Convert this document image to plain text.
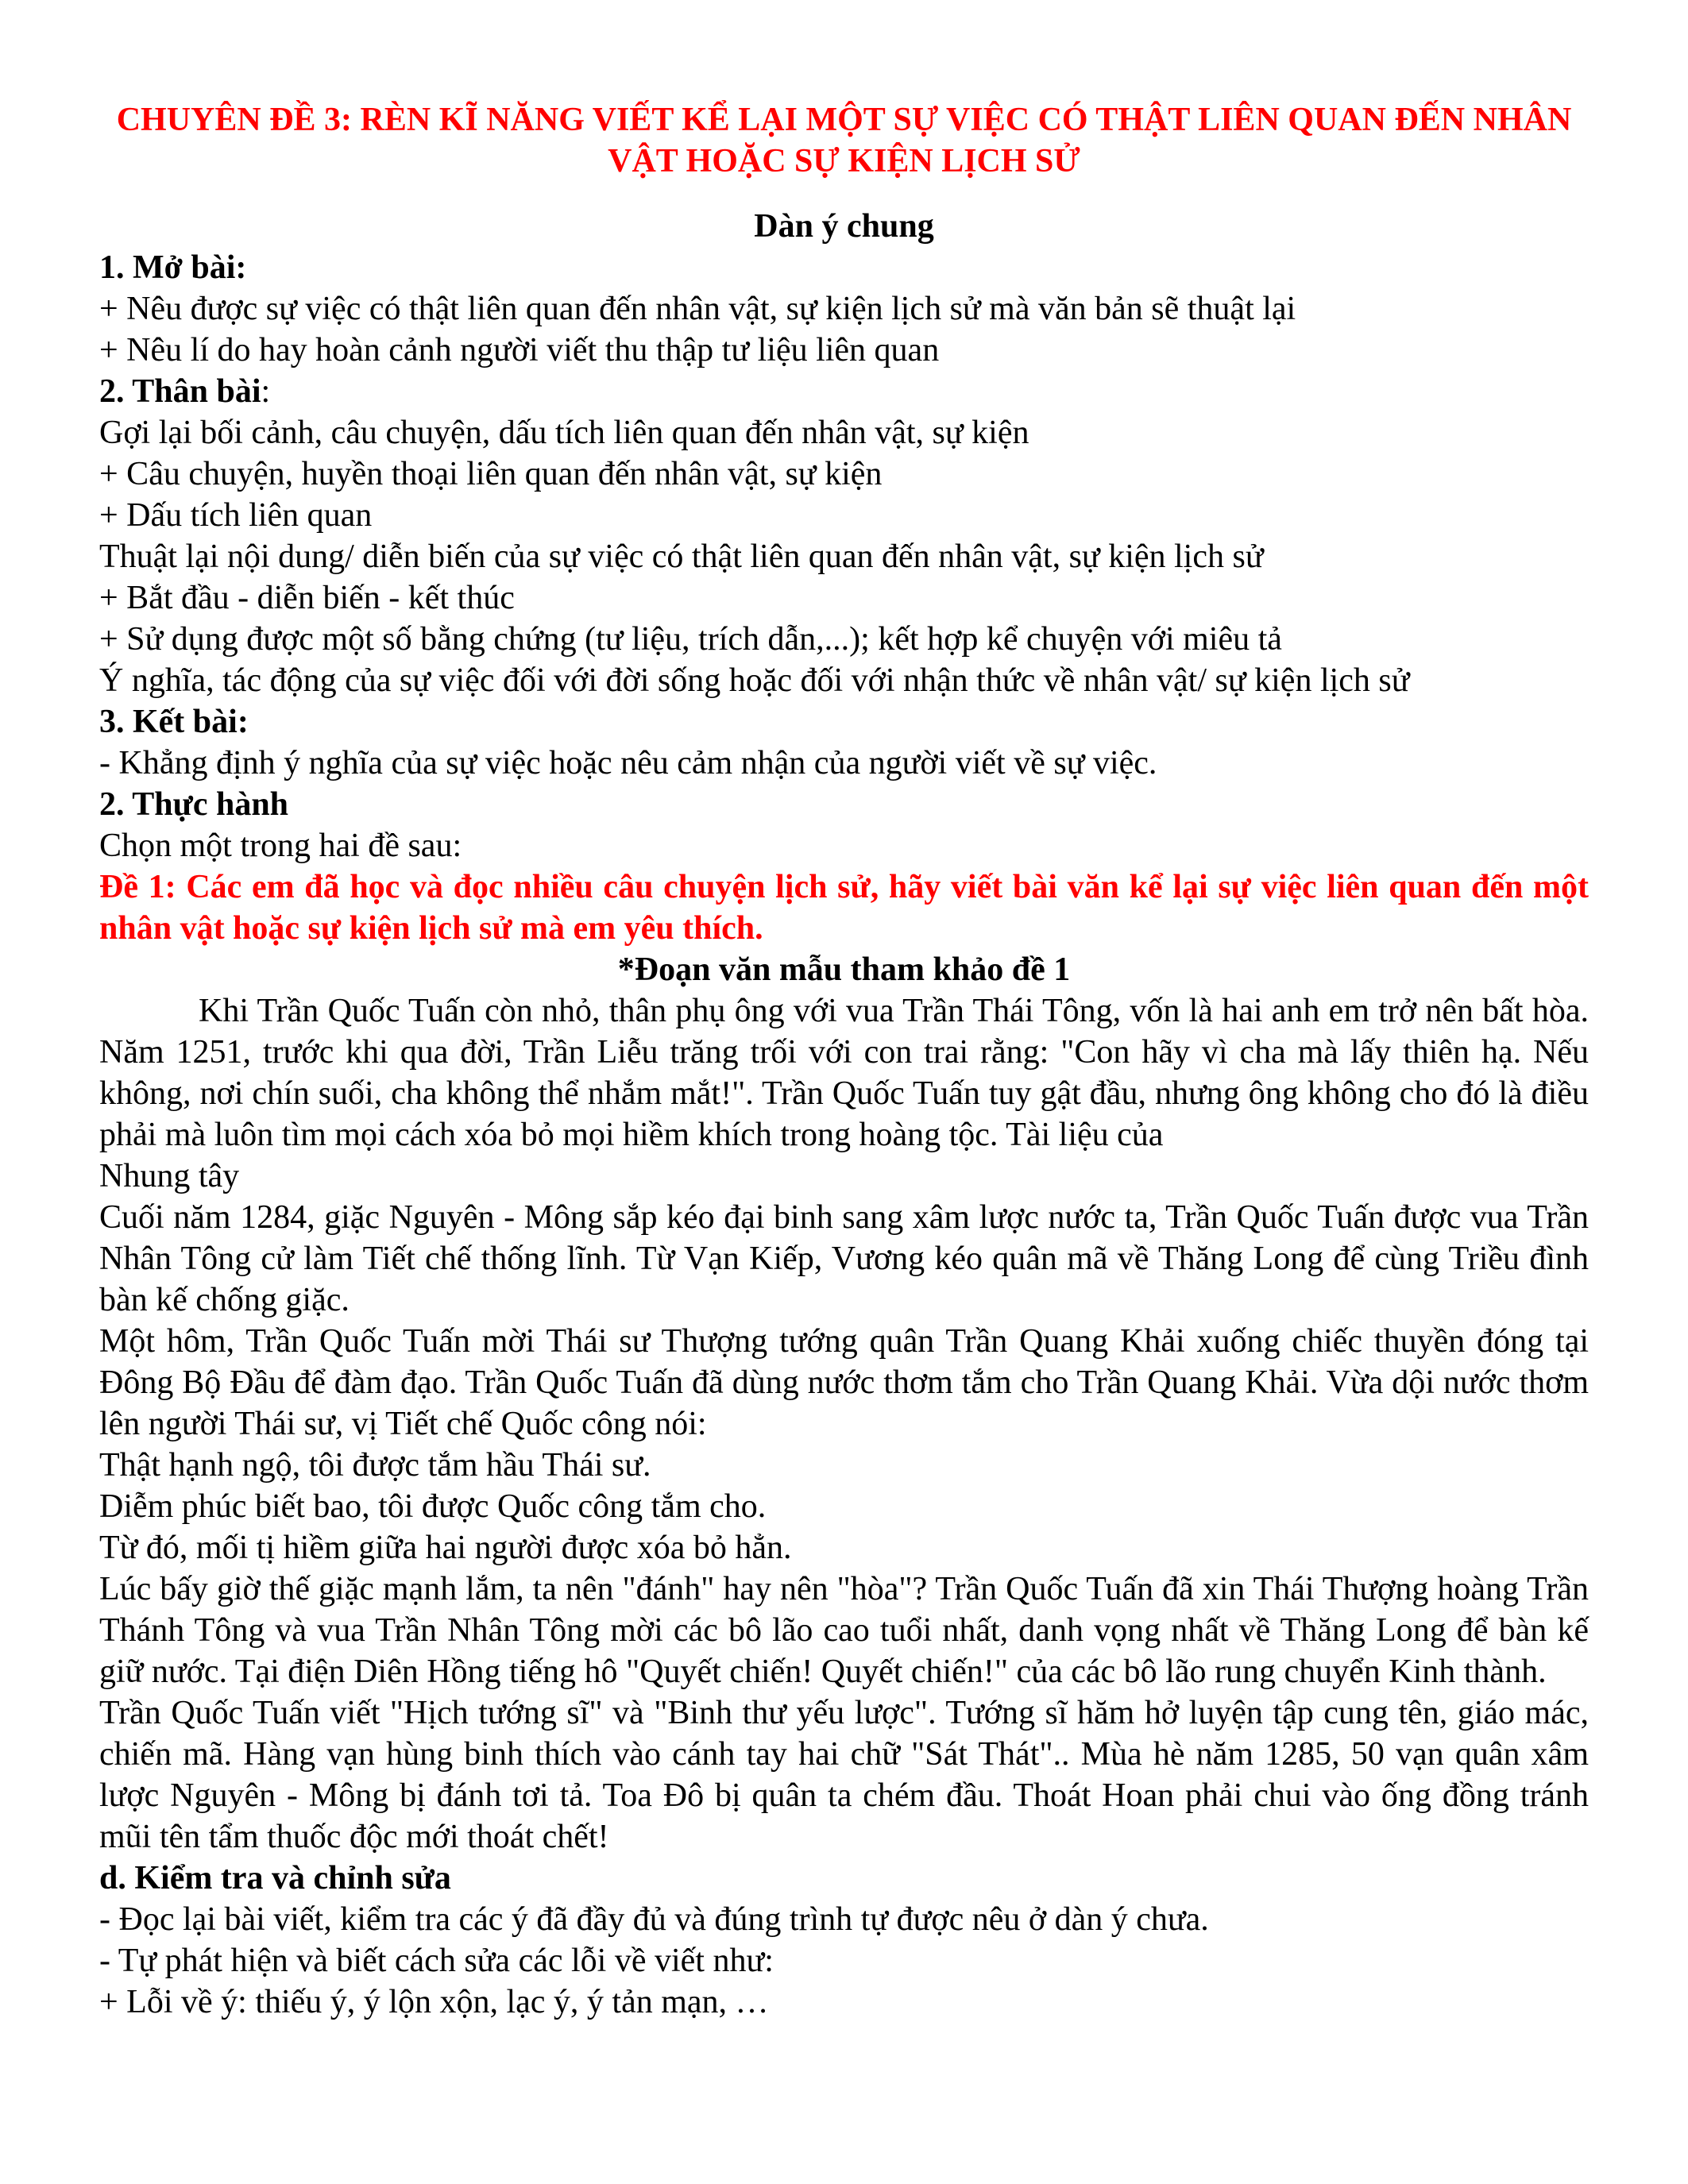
CHUYÊN ĐỀ 3: RÈN KĨ NĂNG VIẾT KỂ LẠI MỘT SỰ VIỆC CÓ THẬT LIÊN QUAN ĐẾN NHÂN VẬT HOẶC SỰ KIỆN LỊCH SỬ

Dàn ý chung

1. Mở bài:

+ Nêu được sự việc có thật liên quan đến nhân vật, sự kiện lịch sử mà văn bản sẽ thuật lại

+ Nêu lí do hay hoàn cảnh người viết thu thập tư liệu liên quan

2. Thân bài:

Gợi lại bối cảnh, câu chuyện, dấu tích liên quan đến nhân vật, sự kiện

+ Câu chuyện, huyền thoại liên quan đến nhân vật, sự kiện

+ Dấu tích liên quan

Thuật lại nội dung/ diễn biến của sự việc có thật liên quan đến nhân vật, sự kiện lịch sử

+ Bắt đầu - diễn biến - kết thúc

+ Sử dụng được một số bằng chứng (tư liệu, trích dẫn,...); kết hợp kể chuyện với miêu tả

Ý nghĩa, tác động của sự việc đối với đời sống hoặc đối với nhận thức về nhân vật/ sự kiện lịch sử

3. Kết bài:

- Khẳng định ý nghĩa của sự việc hoặc nêu cảm nhận của người viết về sự việc.

2. Thực hành

Chọn một trong hai đề sau:

Đề 1: Các em đã học và đọc nhiều câu chuyện lịch sử, hãy viết bài văn kể lại sự việc liên quan đến một nhân vật hoặc sự kiện lịch sử mà em yêu thích.

*Đoạn văn mẫu tham khảo đề 1

Khi Trần Quốc Tuấn còn nhỏ, thân phụ ông với vua Trần Thái Tông, vốn là hai anh em trở nên bất hòa. Năm 1251, trước khi qua đời, Trần Liễu trăng trối với con trai rằng: "Con hãy vì cha mà lấy thiên hạ. Nếu không, nơi chín suối, cha không thể nhắm mắt!". Trần Quốc Tuấn tuy gật đầu, nhưng ông không cho đó là điều phải mà luôn tìm mọi cách xóa bỏ mọi hiềm khích trong hoàng tộc. Tài liệu của

Nhung tây

Cuối năm 1284, giặc Nguyên - Mông sắp kéo đại binh sang xâm lược nước ta, Trần Quốc Tuấn được vua Trần Nhân Tông cử làm Tiết chế thống lĩnh. Từ Vạn Kiếp, Vương kéo quân mã về Thăng Long để cùng Triều đình bàn kế chống giặc.

Một hôm, Trần Quốc Tuấn mời Thái sư Thượng tướng quân Trần Quang Khải xuống chiếc thuyền đóng tại Đông Bộ Đầu để đàm đạo. Trần Quốc Tuấn đã dùng nước thơm tắm cho Trần Quang Khải. Vừa dội nước thơm lên người Thái sư, vị Tiết chế Quốc công nói:

Thật hạnh ngộ, tôi được tắm hầu Thái sư.

Diễm phúc biết bao, tôi được Quốc công tắm cho.

Từ đó, mối tị hiềm giữa hai người được xóa bỏ hẳn.

Lúc bấy giờ thế giặc mạnh lắm, ta nên "đánh" hay nên "hòa"? Trần Quốc Tuấn đã xin Thái Thượng hoàng Trần Thánh Tông và vua Trần Nhân Tông mời các bô lão cao tuổi nhất, danh vọng nhất về Thăng Long để bàn kế giữ nước. Tại điện Diên Hồng tiếng hô "Quyết chiến! Quyết chiến!" của các bô lão rung chuyển Kinh thành.

Trần Quốc Tuấn viết "Hịch tướng sĩ" và "Binh thư yếu lược". Tướng sĩ hăm hở luyện tập cung tên, giáo mác, chiến mã. Hàng vạn hùng binh thích vào cánh tay hai chữ "Sát Thát".. Mùa hè năm 1285, 50 vạn quân xâm lược Nguyên - Mông bị đánh tơi tả. Toa Đô bị quân ta chém đầu. Thoát Hoan phải chui vào ống đồng tránh mũi tên tẩm thuốc độc mới thoát chết!

d. Kiểm tra và chỉnh sửa

- Đọc lại bài viết, kiểm tra các ý đã đầy đủ và đúng trình tự được nêu ở dàn ý chưa.

- Tự phát hiện và biết cách sửa các lỗi về viết như:

+ Lỗi về ý: thiếu ý, ý lộn xộn, lạc ý, ý tản mạn, …
